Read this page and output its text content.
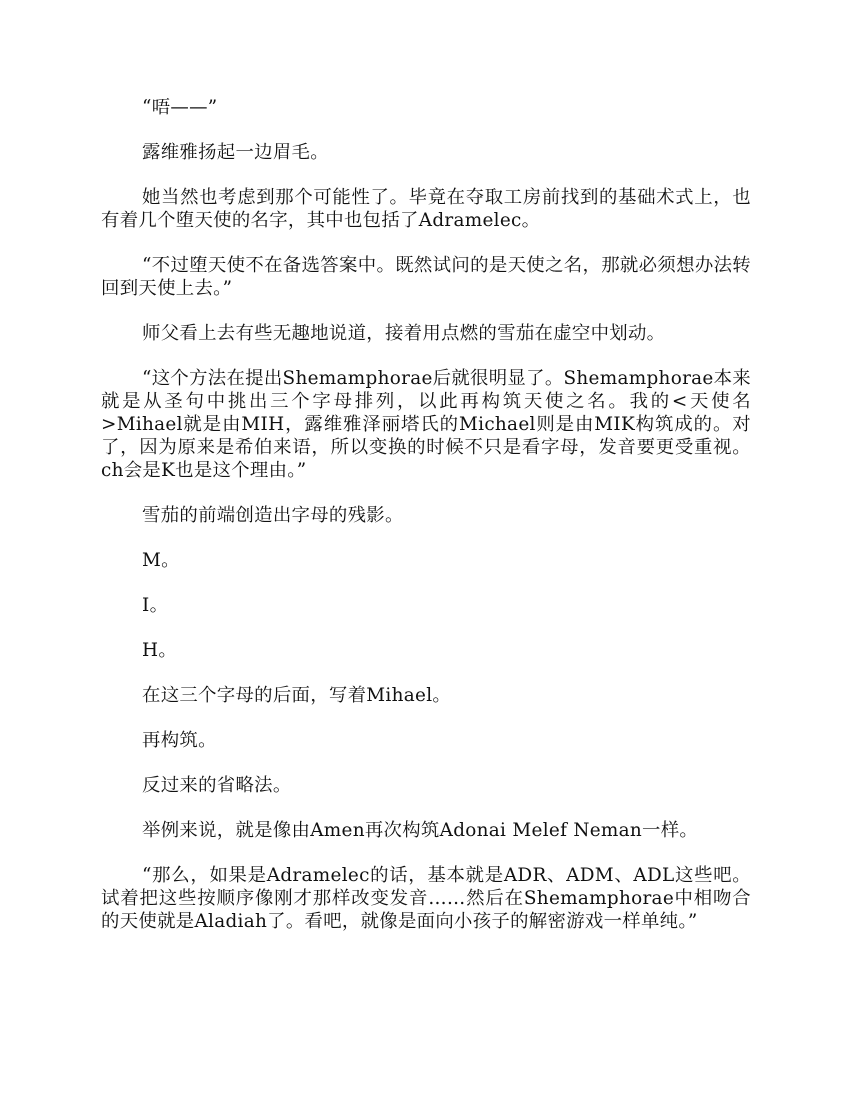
“唔——”

露维雅扬起一边眉毛。

她当然也考虑到那个可能性了。毕竟在夺取工房前找到的基础术式上，也有着几个堕天使的名字，其中也包括了Adramelec。

“不过堕天使不在备选答案中。既然试问的是天使之名，那就必须想办法转回到天使上去。”

师父看上去有些无趣地说道，接着用点燃的雪茄在虚空中划动。

“这个方法在提出Shemamphorae后就很明显了。Shemamphorae本来就是从圣句中挑出三个字母排列，以此再构筑天使之名。我的<天使名>Mihael就是由MIH，露维雅泽丽塔氏的Michael则是由MIK构筑成的。对了，因为原来是希伯来语，所以变换的时候不只是看字母，发音要更受重视。ch会是K也是这个理由。”

雪茄的前端创造出字母的残影。

M。

I。

H。

在这三个字母的后面，写着Mihael。

再构筑。

反过来的省略法。

举例来说，就是像由Amen再次构筑Adonai Melef Neman一样。

“那么，如果是Adramelec的话，基本就是ADR、ADM、ADL这些吧。试着把这些按顺序像刚才那样改变发音……然后在Shemamphorae中相吻合的天使就是Aladiah了。看吧，就像是面向小孩子的解密游戏一样单纯。”
